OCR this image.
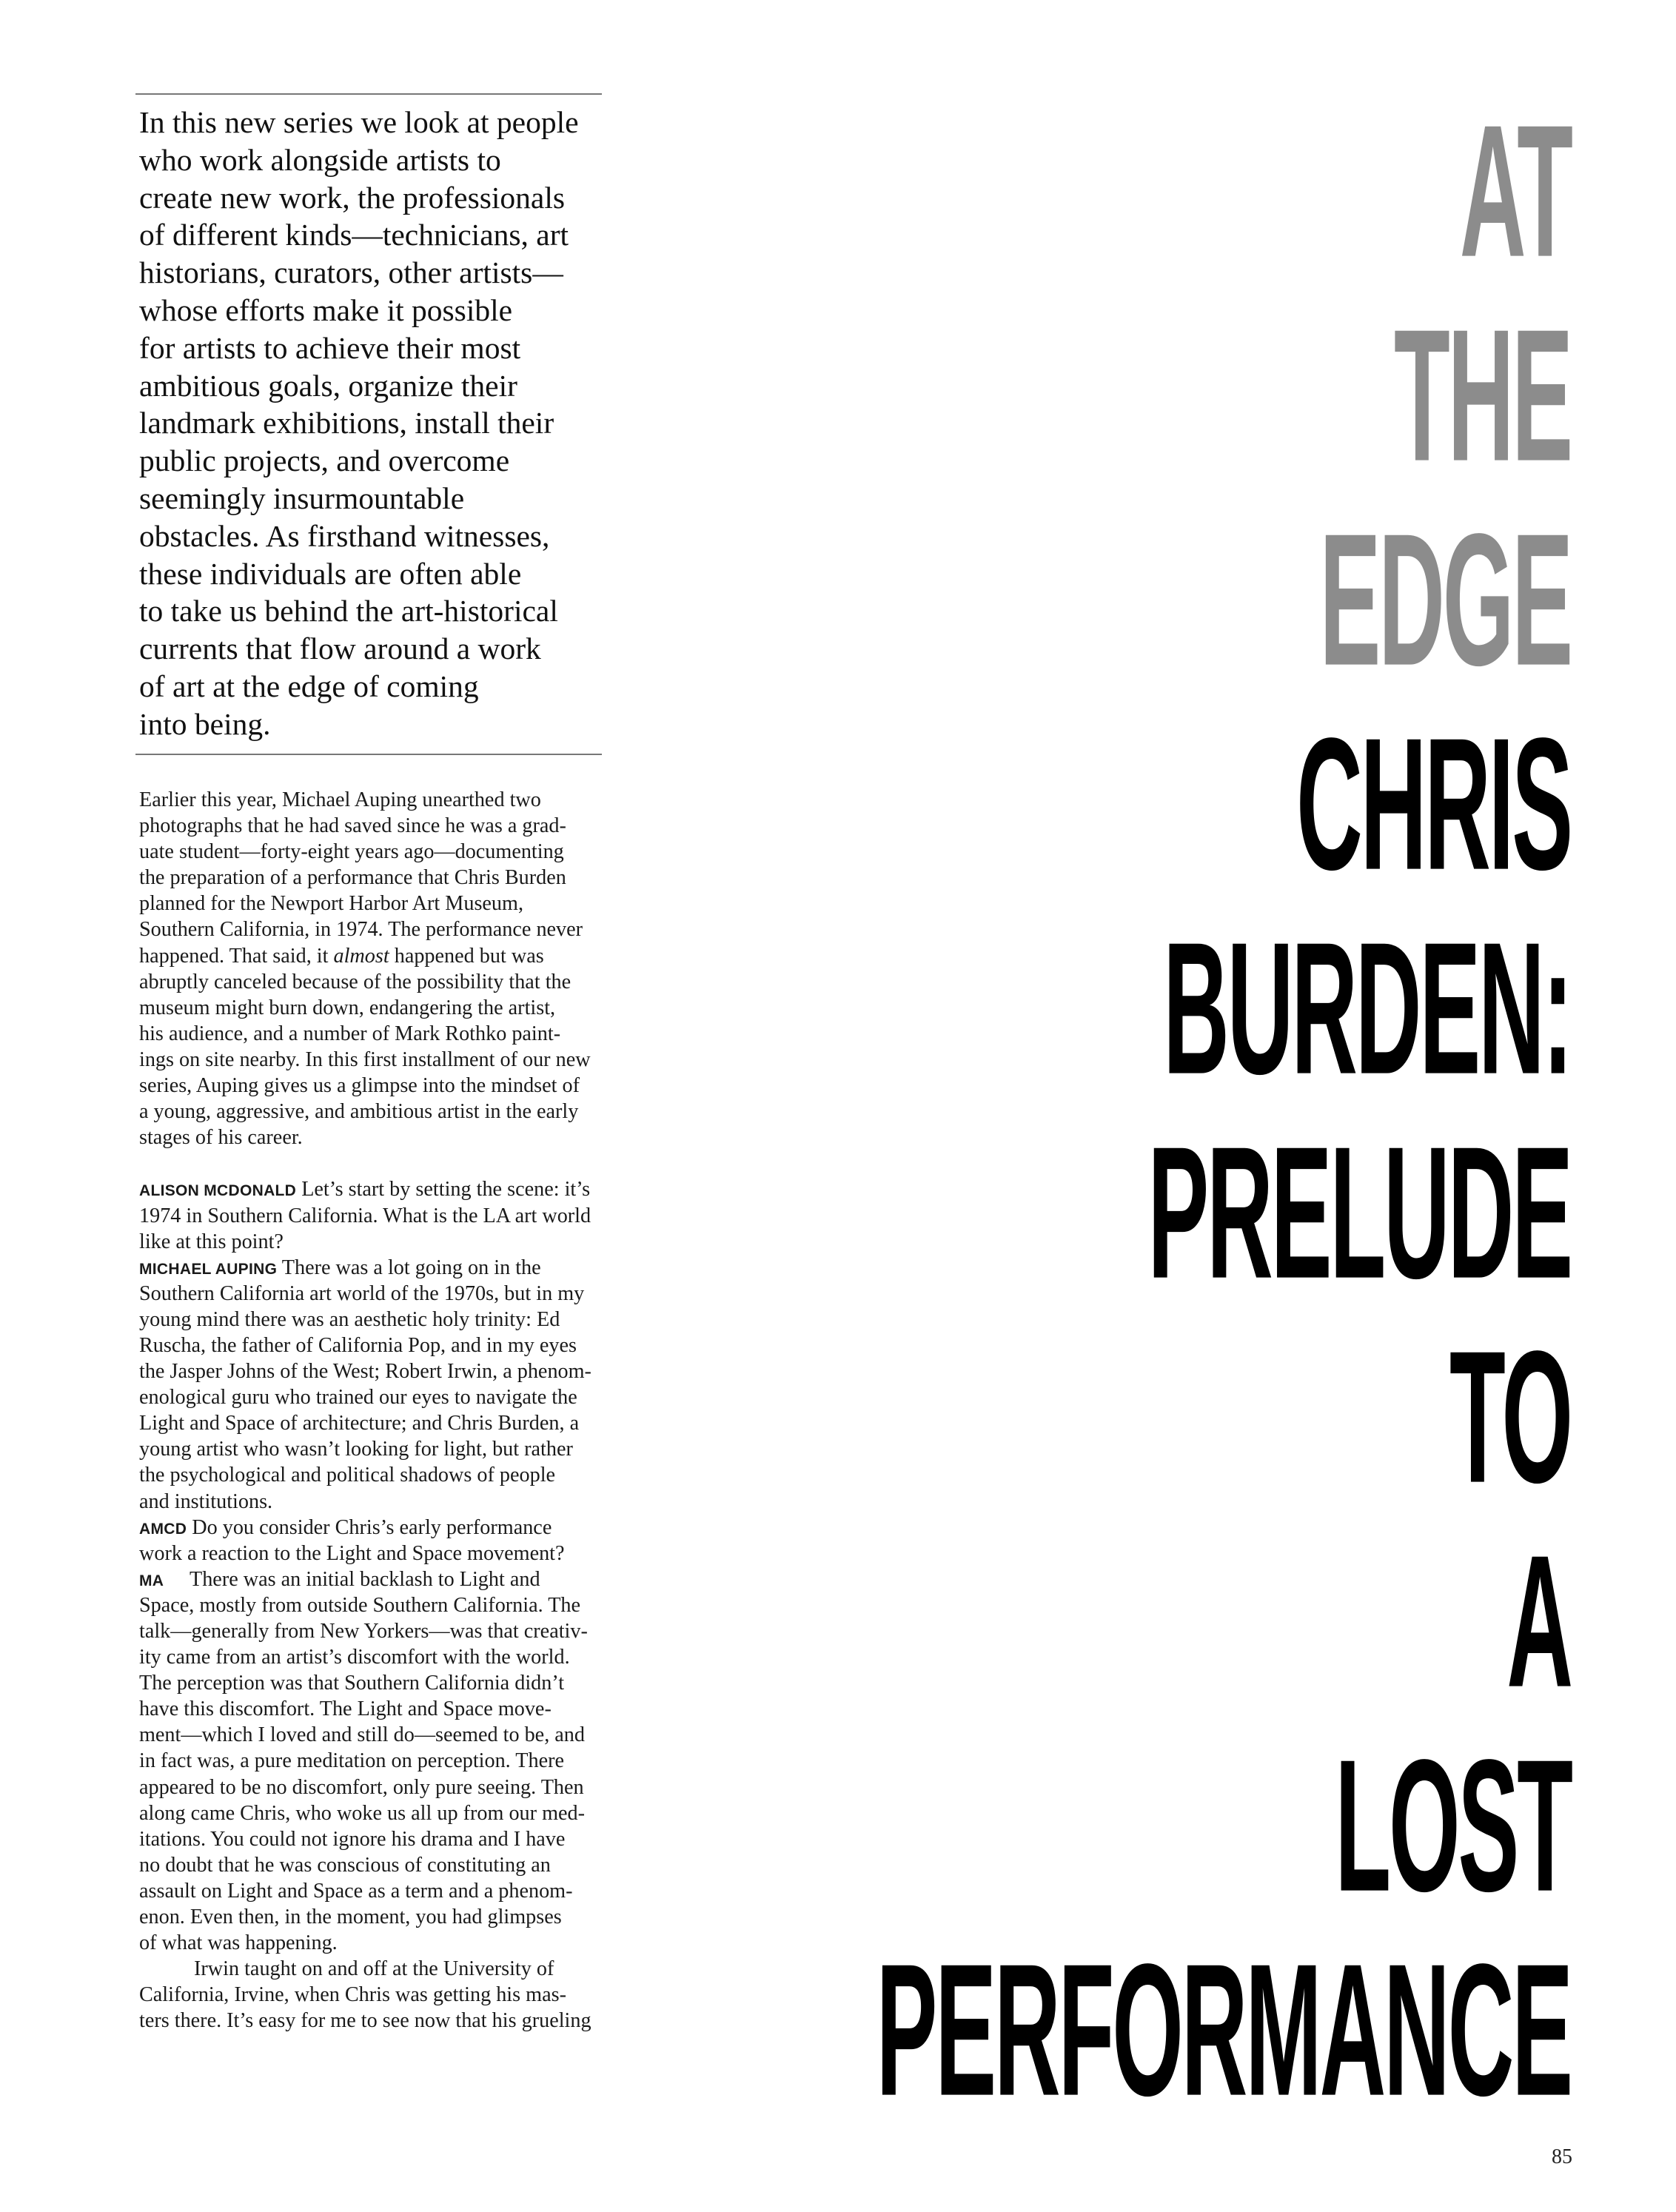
In this new series we look at people
who work alongside artists to
create new work, the professionals
of different kinds—technicians, art
historians, curators, other artists—
whose efforts make it possible
for artists to achieve their most
ambitious goals, organize their
landmark exhibitions, install their
public projects, and overcome
seemingly insurmountable
obstacles. As firsthand witnesses,
these individuals are often able
to take us behind the art-historical
currents that flow around a work
of art at the edge of coming
into being.
Earlier this year, Michael Auping unearthed two
photographs that he had saved since he was a grad-
uate student—forty-eight years ago—documenting
the preparation of a performance that Chris Burden
planned for the Newport Harbor Art Museum,
Southern California, in 1974. The performance never
happened. That said, it almost happened but was
abruptly canceled because of the possibility that the
museum might burn down, endangering the artist,
his audience, and a number of Mark Rothko paint-
ings on site nearby. In this first installment of our new
series, Auping gives us a glimpse into the mindset of
a young, aggressive, and ambitious artist in the early
stages of his career.
ALISON MCDONALD Let’s start by setting the scene: it’s
1974 in Southern California. What is the LA art world
like at this point?
MICHAEL AUPING There was a lot going on in the
Southern California art world of the 1970s, but in my
young mind there was an aesthetic holy trinity: Ed
Ruscha, the father of California Pop, and in my eyes
the Jasper Johns of the West; Robert Irwin, a phenom-
enological guru who trained our eyes to navigate the
Light and Space of architecture; and Chris Burden, a
young artist who wasn’t looking for light, but rather
the psychological and political shadows of people
and institutions.
AMCD Do you consider Chris’s early performance
work a reaction to the Light and Space movement?
MA     There was an initial backlash to Light and
Space, mostly from outside Southern California. The
talk—generally from New Yorkers—was that creativ-
ity came from an artist’s discomfort with the world.
The perception was that Southern California didn’t
have this discomfort. The Light and Space move-
ment—which I loved and still do—seemed to be, and
in fact was, a pure meditation on perception. There
appeared to be no discomfort, only pure seeing. Then
along came Chris, who woke us all up from our med-
itations. You could not ignore his drama and I have
no doubt that he was conscious of constituting an
assault on Light and Space as a term and a phenom-
enon. Even then, in the moment, you had glimpses
of what was happening.
Irwin taught on and off at the University of
California, Irvine, when Chris was getting his mas-
ters there. It’s easy for me to see now that his grueling
AT
THE
EDGE
CHRIS
BURDEN:
PRELUDE
TO
A
LOST
PERFORMANCE
85
